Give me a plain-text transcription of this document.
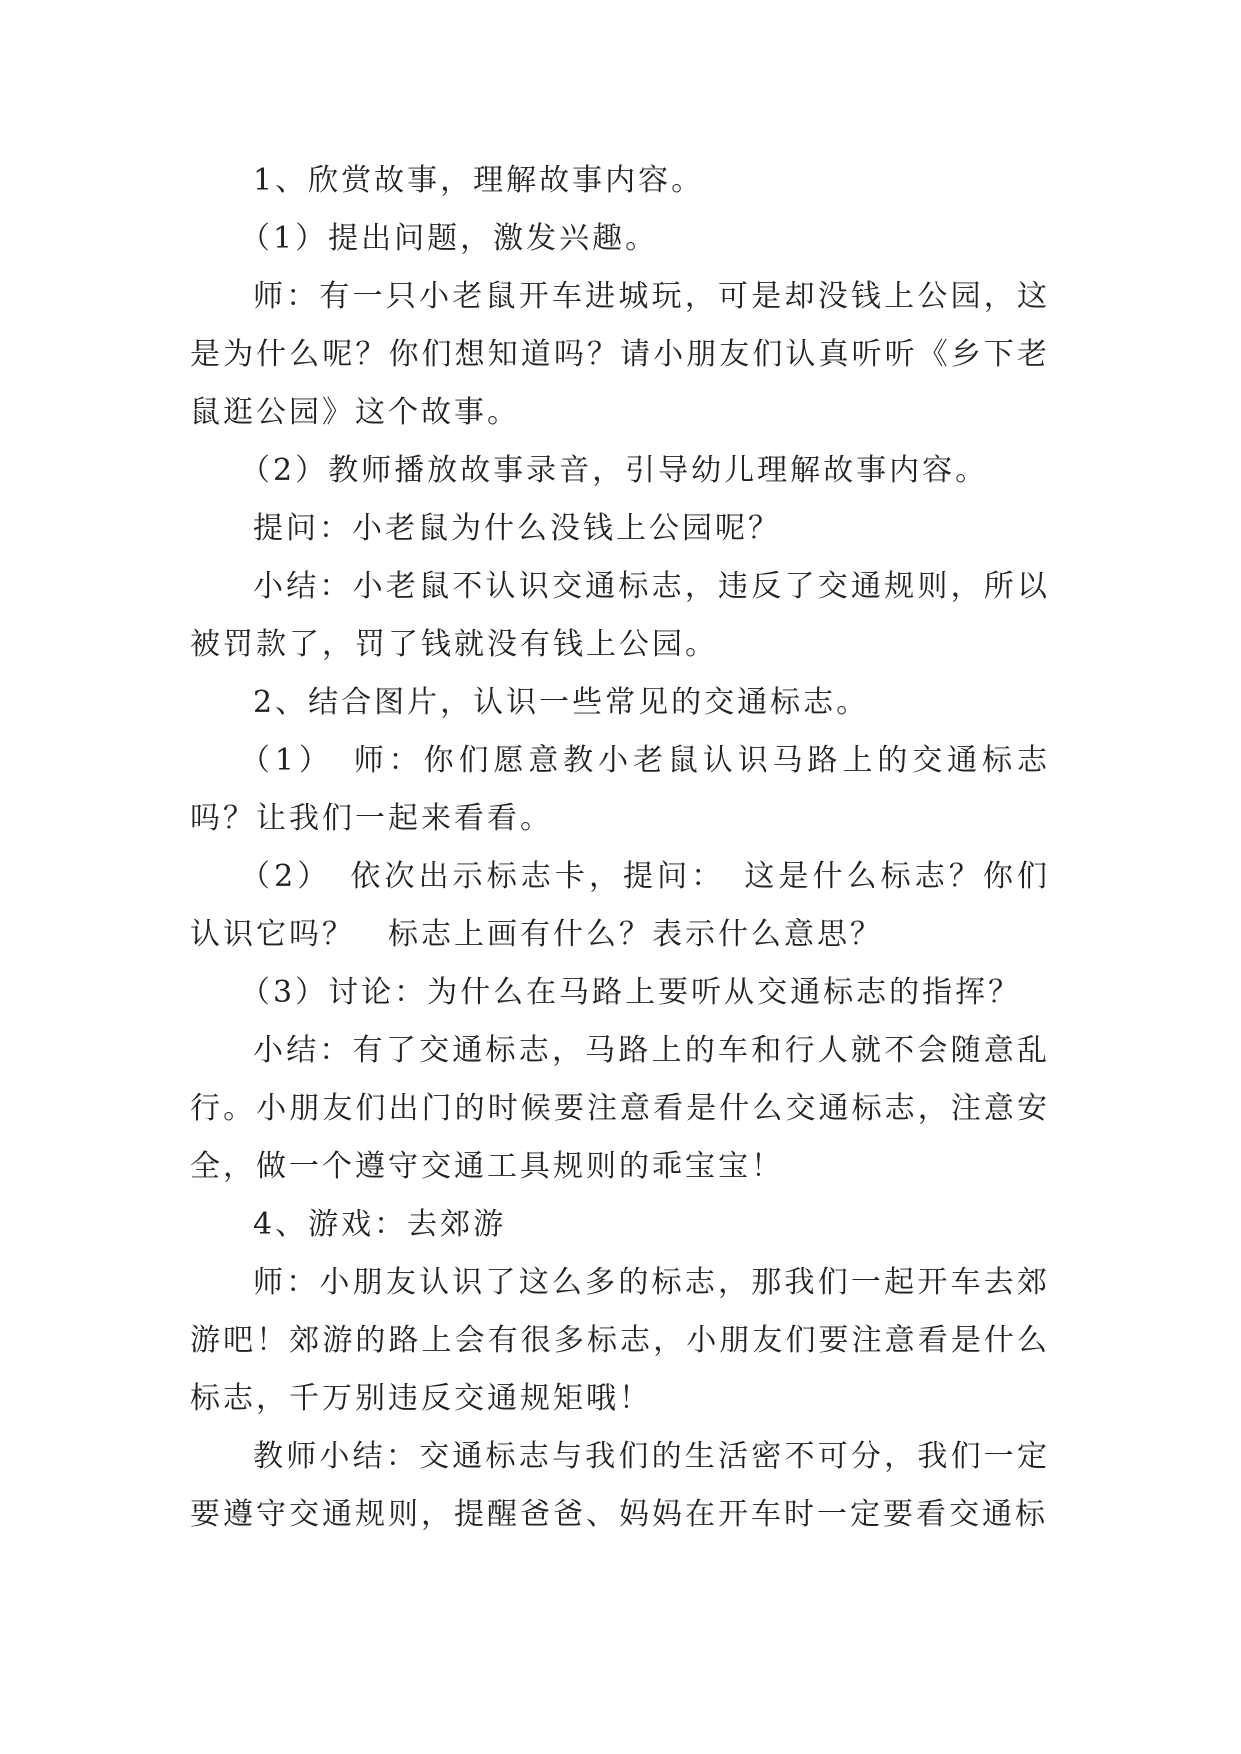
1、欣赏故事，理解故事内容。

（1）提出问题，激发兴趣。

师：有一只小老鼠开车进城玩，可是却没钱上公园，这是为什么呢？你们想知道吗？请小朋友们认真听听《乡下老鼠逛公园》这个故事。

（2）教师播放故事录音，引导幼儿理解故事内容。

提问：小老鼠为什么没钱上公园呢？

小结：小老鼠不认识交通标志，违反了交通规则，所以被罚款了，罚了钱就没有钱上公园。

2、结合图片，认识一些常见的交通标志。

（1）　师：你们愿意教小老鼠认识马路上的交通标志吗？让我们一起来看看。

（2）　依次出示标志卡，提问：　这是什么标志？你们认识它吗？　标志上画有什么？表示什么意思？

（3）讨论：为什么在马路上要听从交通标志的指挥？

小结：有了交通标志，马路上的车和行人就不会随意乱行。小朋友们出门的时候要注意看是什么交通标志，注意安全，做一个遵守交通工具规则的乖宝宝！

4、游戏：去郊游

师：小朋友认识了这么多的标志，那我们一起开车去郊游吧！郊游的路上会有很多标志，小朋友们要注意看是什么标志，千万别违反交通规矩哦！

教师小结：交通标志与我们的生活密不可分，我们一定要遵守交通规则，提醒爸爸、妈妈在开车时一定要看交通标
